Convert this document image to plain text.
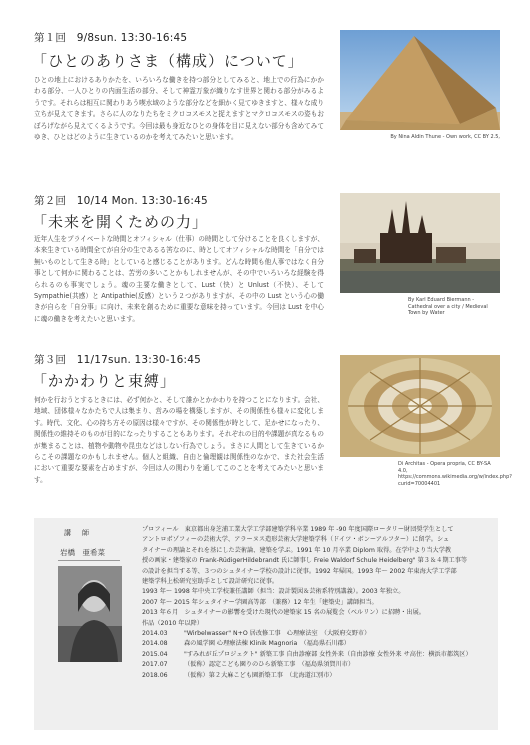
第１回　9/8sun. 13:30-16:45
「ひとのありさま（構成）について」
ひとの地上におけるありかたを、いろいろな働きを持つ部分としてみると、地上での行為にかかわる部分、一人ひとりの内面生活の部分、そして神霊万象が織りなす世界と関わる部分がみるようです。それらは相互に関わりあう喫水域のような部分などを細かく見てゆきますと、様々な成り立ちが見えてきます。さらに人のなりたちをミクロコスモスと捉えますとマクロコスモスの姿もおぼろげながら見えてくるようです。今回は最も身近なひとの身体を目に見えない部分も含めてみてゆき、ひとはどのように生きているのかを考えてみたいと思います。	By Nina Aldin Thune - Own work, CC BY 2.5,
第２回　10/14 Mon. 13:30-16:45
「未来を開くための力」
近年人生をプライベートな時間とオフィシャル（仕事）の時間として分けることを良くしますが、本来生きている時間全てが自分の生であるる筈なのに、時としてオフィシャルな時間を「自分では無いものとして生きる時」としていると感じることがあります。どんな時間も他人事ではなく自分事として何かに関わることは、苦労の多いことかもしれませんが、その中でいろいろな経験を得られるのも事実でしょう。魂の主要な働きとして、Lust（快）と Unlust（不快）、そして Sympathie(共感）と Antipathie(反感）という２つがありますが、その中の Lust という心の働きが自らを「自分事」に向け、未来を創るために重要な意味を持っています。今回は Lust を中心に魂の働きを考えたいと思います。
By Karl Eduard Biermann - Cathedral over a city / Medieval Town by Water
第３回　11/17sun. 13:30-16:45
「かかわりと束縛」
何かを行おうとするときには、必ず何かと、そして誰かとかかわりを持つことになります。会社、地域、団体様々なかたちで人は集まり、営みの場を構築しますが、その関係性も様々に変化します。時代、文化、心の持ち方その原因は様々ですが、その関係性が時として、足かせになったり、関係性の維持そのものが目的になったりすることもあります。それぞれの目的や課題が真なるものが集まることは、植物や動物や昆虫などはしない行為でしょう。まさに人間として生きているからこその課題なのかもしれません。個人と組織、自由と倫理観は関係性のなかで、また社会生活において重要な要素を占めますが、今回は人の関わりを通してこのことを考えてみたいと思います。
Di Architas - Opera propria, CC BY-SA 4.0, https://commons.wikimedia.org/w/index.php?curid=70004401
講　師
岩橋　亜希菜
プロフィール　東京都出身芝浦工業大学工学部建築学科卒業 1989 年 -90 年度国際ロータリー財団奨学生として
アントロポゾフィーの芸術大学、アラーヌス造形芸術大学建築学科（ドイツ・ボンーアルフター）に留学。シュ
タイナーの理論とそれを基にした芸術論、建築を学ぶ。1991 年 10 月卒業 Diplom 取得。在学中より当大学教
授の画家・建築家の Frank-RüdigerHildebrandt 氏に師事し Freie Waldorf Schule Heidelberg" 第３＆４期工事等
の設計を担当する等、３つのシュタイナー学校の設計に従事。1992 年帰国。1993 年～ 2002 年東海大学工学部
建築学科上松研究室助手として設計研究に従事。
1993 年～ 1998 年中央工学校兼任講師（担当：設計製図＆芸術系特別講義）。2003 年独立。
2007 年～ 2015 年シュタイナー学園高等部　（兼務）12 年生「建築史」講師担当。
2013 年６月　シュタイナーの影響を受けた現代の建築家 15 名の展覧会（ベルリン）に招聘・出展。
作品（2010 年以降）
2014.03	"Wirbelwasser" N+O 居改修工事　心理療法室　（大阪府交野市）
2014.08	森の風学園 心理療法棟 Klinik Magnoria　（福島県石川郡）
2015.04	"すみれが丘プロジェクト" 新築工事 自由診療部 女性外来（自由診療 女性外来 サ高住：横浜市都筑区）
2017.07	（仮称）認定こども園りのひら新築工事　（福島県須賀川市）
2018.06	（仮称）第２大麻こども園新築工事　（北海道江別市）
